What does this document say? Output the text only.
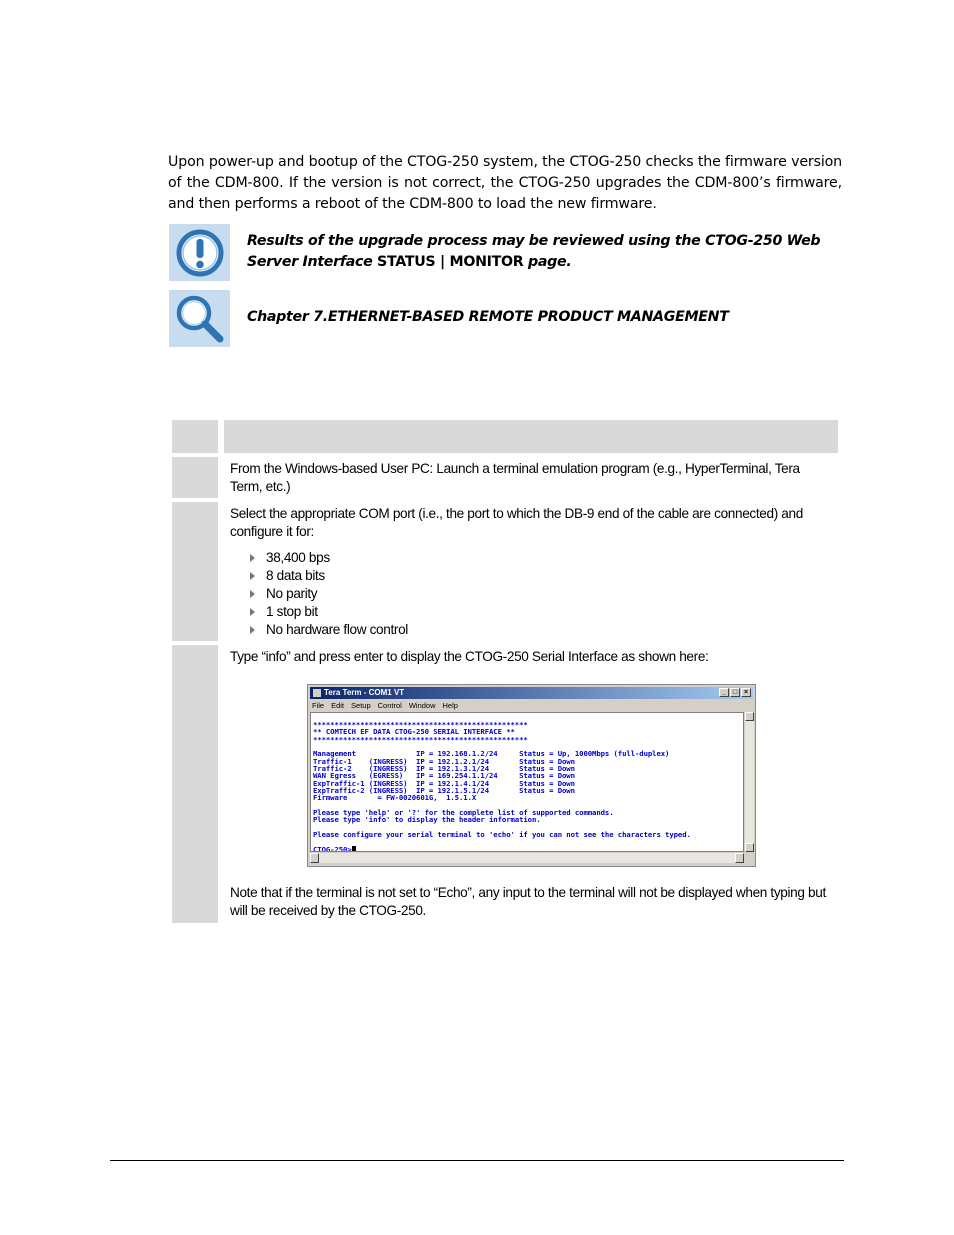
Upon power-up and bootup of the CTOG-250 system, the CTOG-250 checks the firmware version of the CDM-800. If the version is not correct, the CTOG-250 upgrades the CDM-800’s firmware, and then performs a reboot of the CDM-800 to load the new firmware.
Results of the upgrade process may be reviewed using the CTOG-250 Web Server Interface STATUS | MONITOR page.
Chapter 7.ETHERNET-BASED REMOTE PRODUCT MANAGEMENT
From the Windows-based User PC: Launch a terminal emulation program (e.g., HyperTerminal, Tera Term, etc.)
Select the appropriate COM port (i.e., the port to which the DB-9 end of the cable are connected) and configure it for:
38,400 bps
8 data bits
No parity
1 stop bit
No hardware flow control
Type “info” and press enter to display the CTOG-250 Serial Interface as shown here:
Note that if the terminal is not set to “Echo”, any input to the terminal will not be displayed when typing but will be received by the CTOG-250.
Tera Term - COM1 VT	_ □ ×
File Edit Setup Control Window Help
**************************************************
** COMTECH EF DATA CTOG-250 SERIAL INTERFACE **
**************************************************

Management              IP = 192.168.1.2/24     Status = Up, 1000Mbps (full-duplex)
Traffic-1    (INGRESS)  IP = 192.1.2.1/24       Status = Down
Traffic-2    (INGRESS)  IP = 192.1.3.1/24       Status = Down
WAN Egress   (EGRESS)   IP = 169.254.1.1/24     Status = Down
ExpTraffic-1 (INGRESS)  IP = 192.1.4.1/24       Status = Down
ExpTraffic-2 (INGRESS)  IP = 192.1.5.1/24       Status = Down
Firmware       = FW-0020601G,  1.5.1.X

Please type 'help' or '?' for the complete list of supported commands.
Please type 'info' to display the header information.

Please configure your serial terminal to 'echo' if you can not see the characters typed.

CTOG-250>
